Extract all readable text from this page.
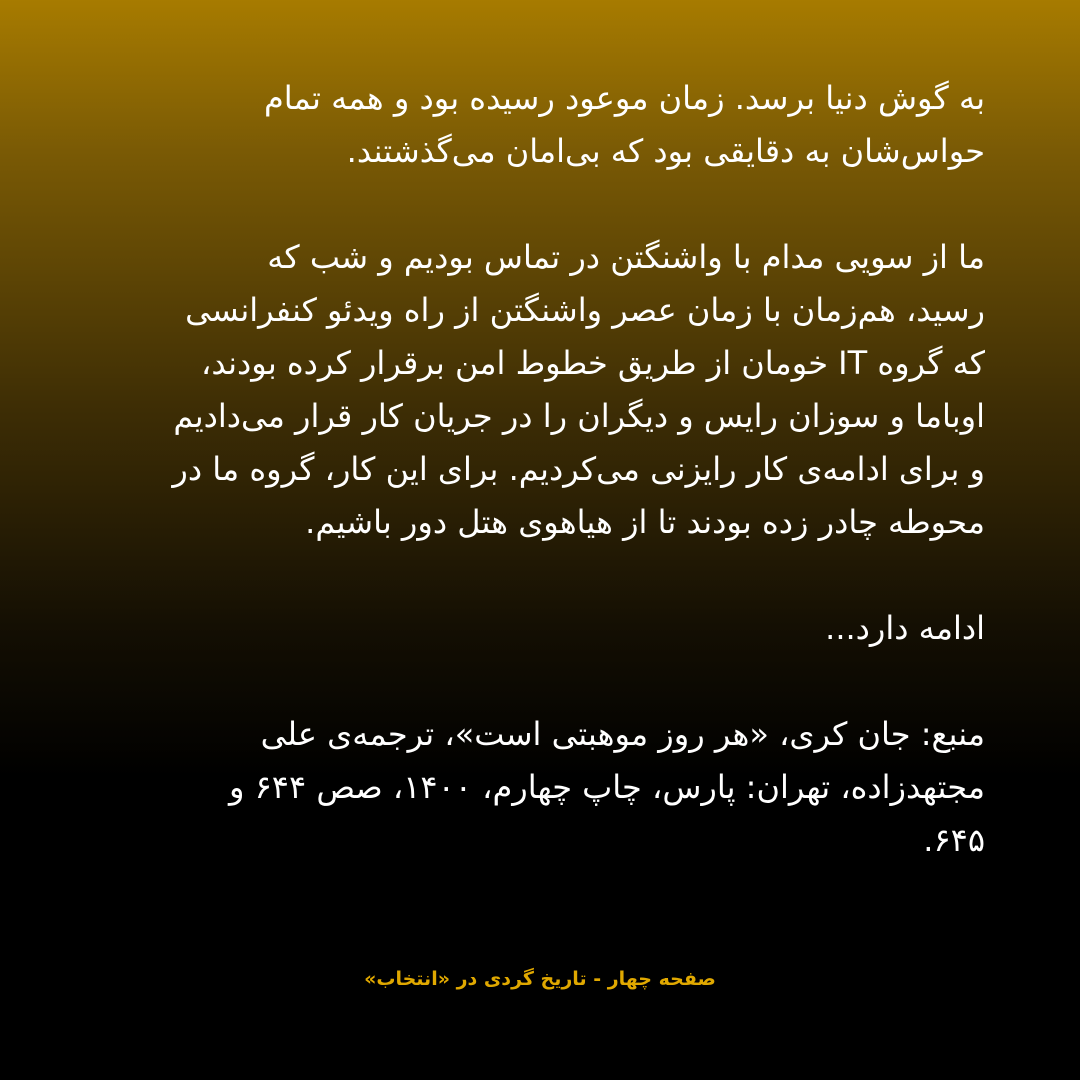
به گوش دنیا برسد. زمان موعود رسیده بود و همه تمام
حواس‌شان به دقایقی بود که بی‌امان می‌گذشتند.

ما از سویی مدام با واشنگتن در تماس بودیم و شب که
رسید، هم‌زمان با زمان عصر واشنگتن از راه ویدئو کنفرانسی
که گروه IT خومان از طریق خطوط امن برقرار کرده بودند،
اوباما و سوزان رایس و دیگران را در جریان کار قرار می‌دادیم
و برای ادامه‌ی کار رایزنی می‌کردیم. برای این کار، گروه ما در
محوطه چادر زده بودند تا از هیاهوی هتل دور باشیم.

ادامه دارد...

منبع: جان کری، «هر روز موهبتی است»، ترجمه‌ی علی
مجتهدزاده، تهران: پارس، چاپ چهارم، ۱۴۰۰، صص ۶۴۴ و
۶۴۵.

صفحه چهار - تاریخ گردی در «انتخاب»
